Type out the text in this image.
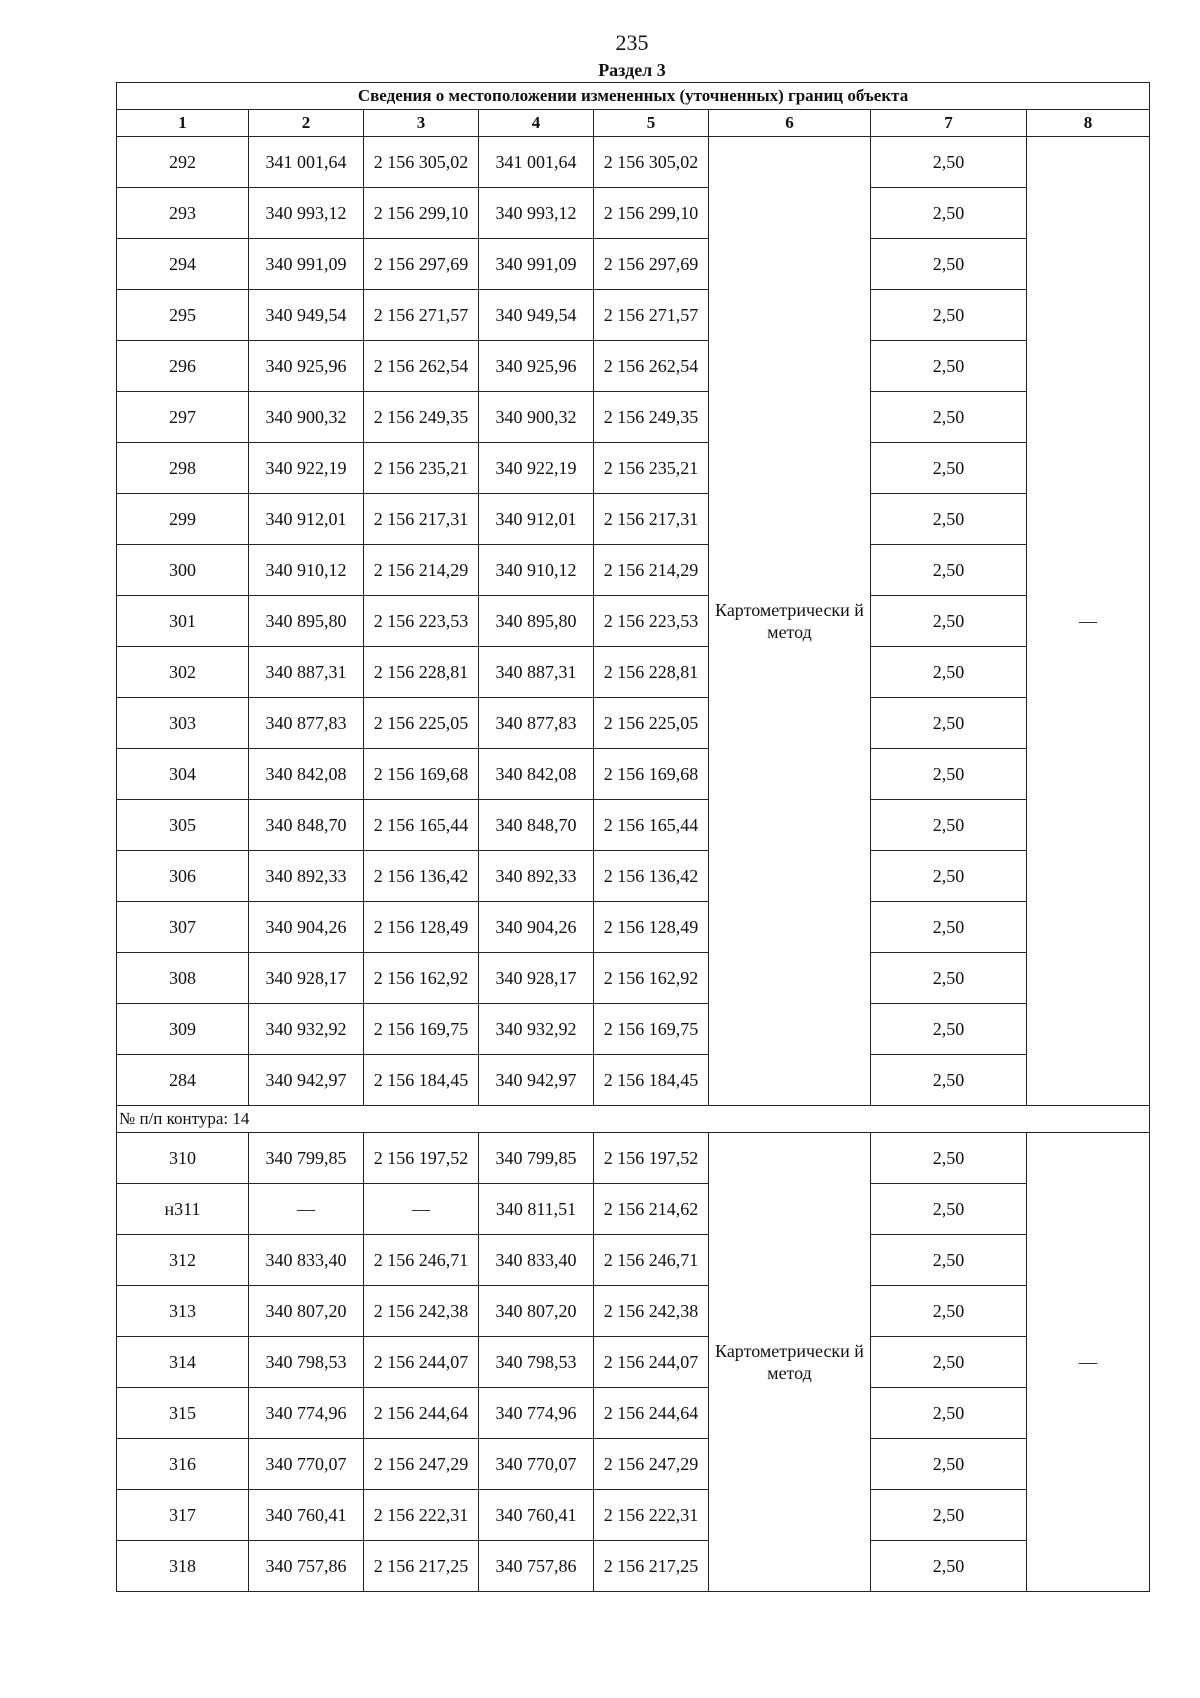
235
Раздел 3
Сведения о местоположении измененных (уточненных) границ объекта							
1	2	3	4	5	6	7	8
292	341 001,64	2 156 305,02	341 001,64	2 156 305,02	Картометрически й метод	2,50	—
293	340 993,12	2 156 299,10	340 993,12	2 156 299,10		2,50	
294	340 991,09	2 156 297,69	340 991,09	2 156 297,69		2,50	
295	340 949,54	2 156 271,57	340 949,54	2 156 271,57		2,50	
296	340 925,96	2 156 262,54	340 925,96	2 156 262,54		2,50	
297	340 900,32	2 156 249,35	340 900,32	2 156 249,35		2,50	
298	340 922,19	2 156 235,21	340 922,19	2 156 235,21		2,50	
299	340 912,01	2 156 217,31	340 912,01	2 156 217,31		2,50	
300	340 910,12	2 156 214,29	340 910,12	2 156 214,29		2,50	
301	340 895,80	2 156 223,53	340 895,80	2 156 223,53		2,50	
302	340 887,31	2 156 228,81	340 887,31	2 156 228,81		2,50	
303	340 877,83	2 156 225,05	340 877,83	2 156 225,05		2,50	
304	340 842,08	2 156 169,68	340 842,08	2 156 169,68		2,50	
305	340 848,70	2 156 165,44	340 848,70	2 156 165,44		2,50	
306	340 892,33	2 156 136,42	340 892,33	2 156 136,42		2,50	
307	340 904,26	2 156 128,49	340 904,26	2 156 128,49		2,50	
308	340 928,17	2 156 162,92	340 928,17	2 156 162,92		2,50	
309	340 932,92	2 156 169,75	340 932,92	2 156 169,75		2,50	
284	340 942,97	2 156 184,45	340 942,97	2 156 184,45		2,50	
№ п/п контура: 14							
310	340 799,85	2 156 197,52	340 799,85	2 156 197,52	Картометрически й метод	2,50	—
н311	—	—	340 811,51	2 156 214,62		2,50	
312	340 833,40	2 156 246,71	340 833,40	2 156 246,71		2,50	
313	340 807,20	2 156 242,38	340 807,20	2 156 242,38		2,50	
314	340 798,53	2 156 244,07	340 798,53	2 156 244,07		2,50	
315	340 774,96	2 156 244,64	340 774,96	2 156 244,64		2,50	
316	340 770,07	2 156 247,29	340 770,07	2 156 247,29		2,50	
317	340 760,41	2 156 222,31	340 760,41	2 156 222,31		2,50	
318	340 757,86	2 156 217,25	340 757,86	2 156 217,25		2,50	
